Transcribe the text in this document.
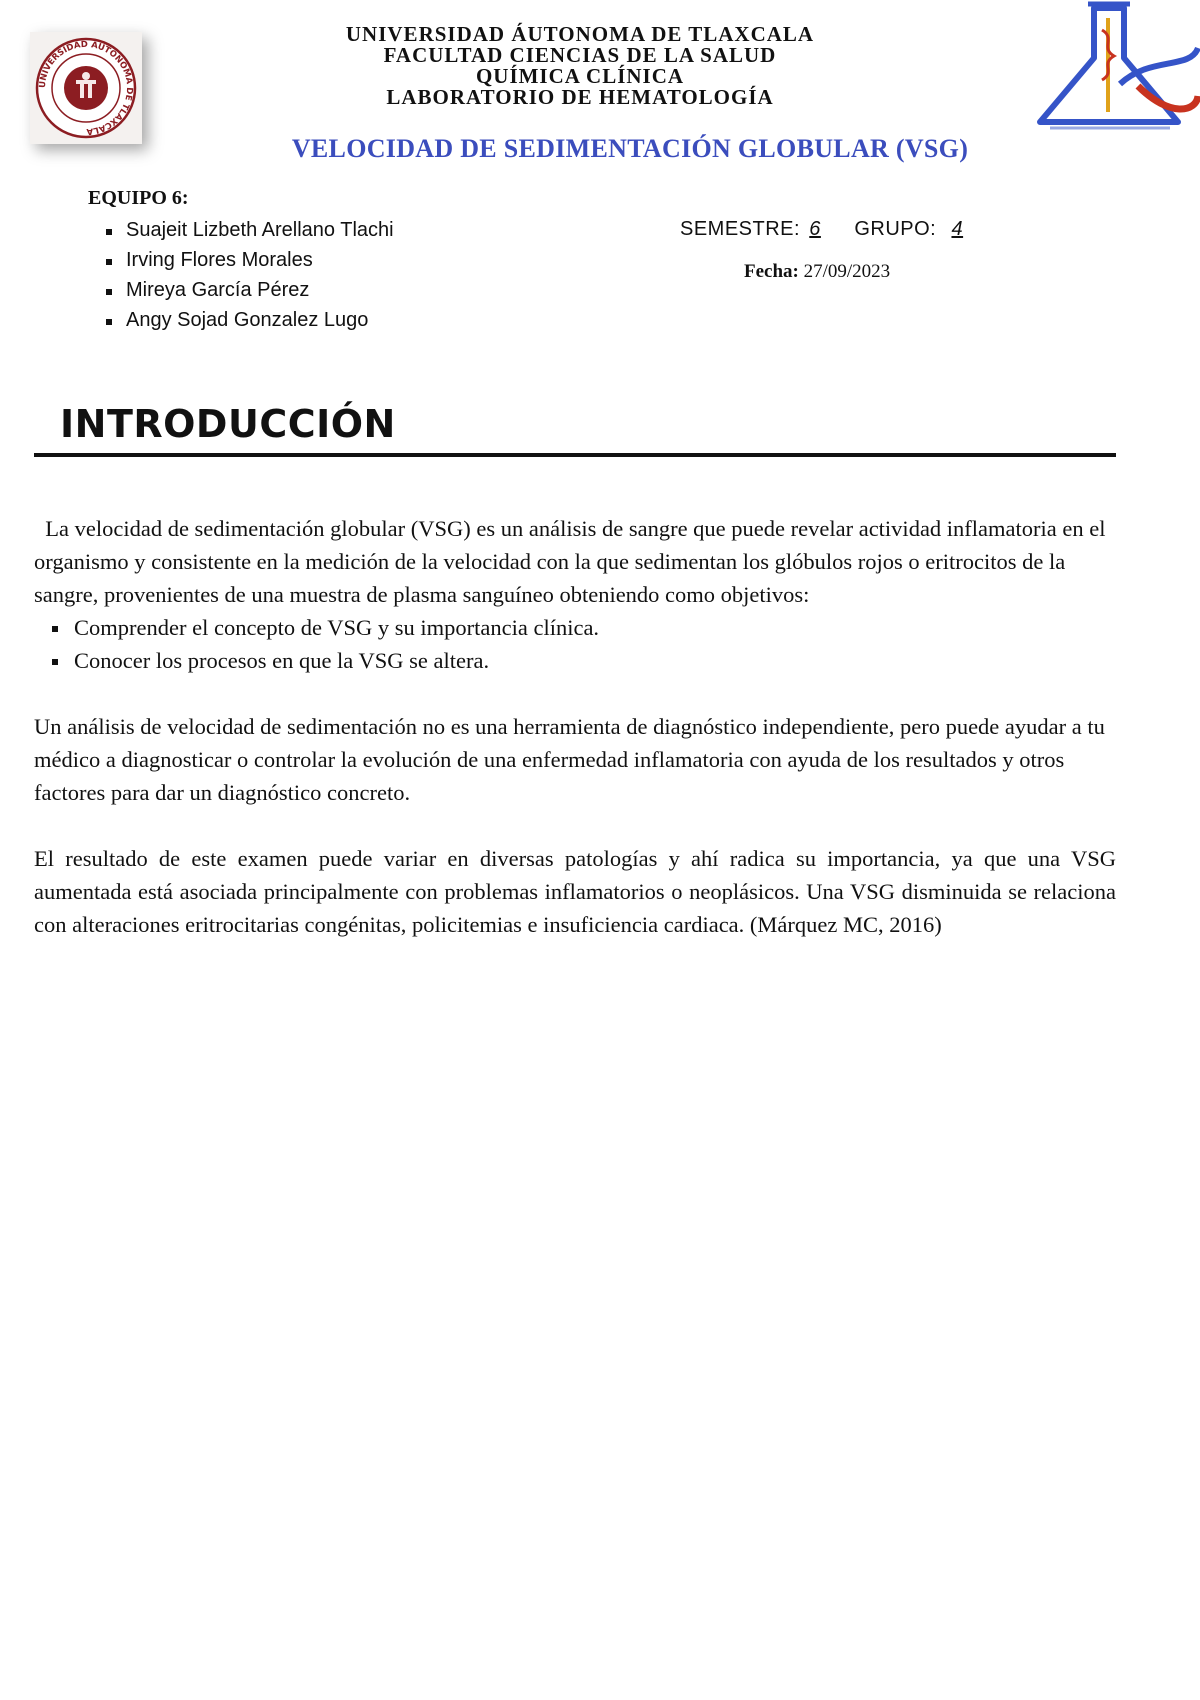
UNIVERSIDAD AUTONOMA DE TLAXCALA
UNIVERSIDAD ÁUTONOMA DE TLAXCALA
FACULTAD CIENCIAS DE LA SALUD
QUÍMICA CLÍNICA
LABORATORIO DE HEMATOLOGÍA
VELOCIDAD DE SEDIMENTACIÓN GLOBULAR (VSG)
EQUIPO 6:
Suajeit Lizbeth Arellano Tlachi
Irving Flores Morales
Mireya García Pérez
Angy Sojad Gonzalez Lugo
SEMESTRE: 6 GRUPO: 4
Fecha: 27/09/2023
INTRODUCCIÓN

La velocidad de sedimentación globular (VSG) es un análisis de sangre que puede revelar actividad inflamatoria en el organismo y consistente en la medición de la velocidad con la que sedimentan los glóbulos rojos o eritrocitos de la sangre, provenientes de una muestra de plasma sanguíneo obteniendo como objetivos:

Comprender el concepto de VSG y su importancia clínica.
Conocer los procesos en que la VSG se altera.

Un análisis de velocidad de sedimentación no es una herramienta de diagnóstico independiente, pero puede ayudar a tu médico a diagnosticar o controlar la evolución de una enfermedad inflamatoria con ayuda de los resultados y otros factores para dar un diagnóstico concreto.

El resultado de este examen puede variar en diversas patologías y ahí radica su importancia, ya que una VSG aumentada está asociada principalmente con problemas inflamatorios o neoplásicos. Una VSG disminuida se relaciona con alteraciones eritrocitarias congénitas, policitemias e insuficiencia cardiaca. (Márquez MC, 2016)
